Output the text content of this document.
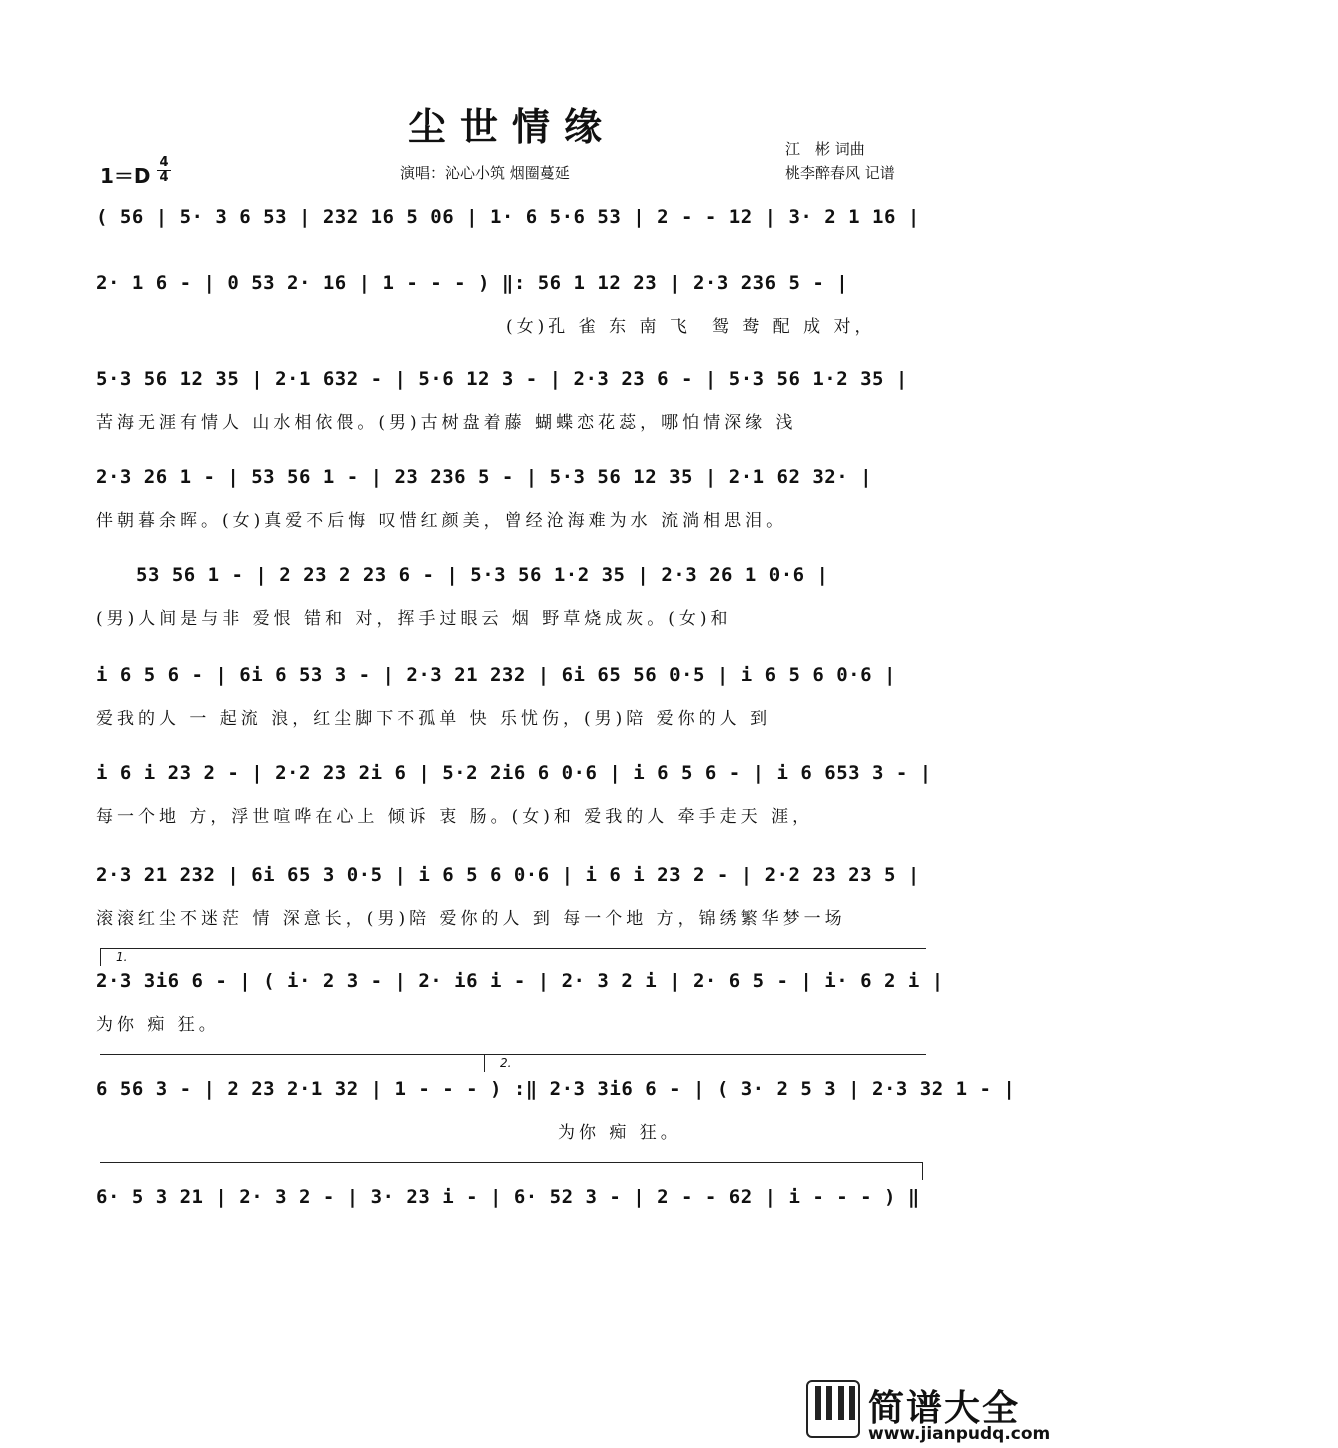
尘世情缘	江　彬 词曲
桃李醉春风 记谱
演唱：沁心小筑 烟圈蔓延
1＝D
4
4
( 56 | 5· 3 6 53 | 232 16 5 06 | 1· 6 5·6 53 | 2 - - 12 | 3· 2 1 16 |
2· 1 6 - | 0 53 2· 16 | 1 - - - ) ‖: 56 1 12 23 | 2·3 236 5 - |
(女)孔 雀 东 南 飞　鸳 鸯 配 成 对，
5·3 56 12 35 | 2·1 632 - | 5·6 12 3 - | 2·3 23 6 - | 5·3 56 1·2 35 |
苦海无涯有情人 山水相依偎。(男)古树盘着藤 蝴蝶恋花蕊，哪怕情深缘 浅
2·3 26 1 - | 53 56 1 - | 23 236 5 - | 5·3 56 12 35 | 2·1 62 32· |
伴朝暮余晖。(女)真爱不后悔 叹惜红颜美，曾经沧海难为水 流淌相思泪。
53 56 1 - | 2 23 2 23 6 - | 5·3 56 1·2 35 | 2·3 26 1 0·6 |
(男)人间是与非 爱恨 错和 对，挥手过眼云 烟 野草烧成灰。(女)和
i 6 5 6 - | 6i 6 53 3 - | 2·3 21 232 | 6i 65 56 0·5 | i 6 5 6 0·6 |
爱我的人 一 起流 浪，红尘脚下不孤单 快 乐忧伤，(男)陪 爱你的人 到
i 6 i 23 2 - | 2·2 23 2i 6 | 5·2 2i6 6 0·6 | i 6 5 6 - | i 6 653 3 - |
每一个地 方，浮世喧哗在心上 倾诉 衷 肠。(女)和 爱我的人 牵手走天 涯，
2·3 21 232 | 6i 65 3 0·5 | i 6 5 6 0·6 | i 6 i 23 2 - | 2·2 23 23 5 |
滚滚红尘不迷茫 情 深意长，(男)陪 爱你的人 到 每一个地 方，锦绣繁华梦一场
1.
2·3 3i6 6 - | ( i· 2 3 - | 2· i6 i - | 2· 3 2 i | 2· 6 5 - | i· 6 2 i |
为你 痴 狂。
2.
6 56 3 - | 2 23 2·1 32 | 1 - - - ) :‖ 2·3 3i6 6 - | ( 3· 2 5 3 | 2·3 32 1 - |
　　　　　　　　　　　　　　　　　　　　　　为你 痴 狂。
6· 5 3 21 | 2· 3 2 - | 3· 23 i - | 6· 52 3 - | 2 - - 62 | i - - - ) ‖
简谱大全
www.jianpudq.com
